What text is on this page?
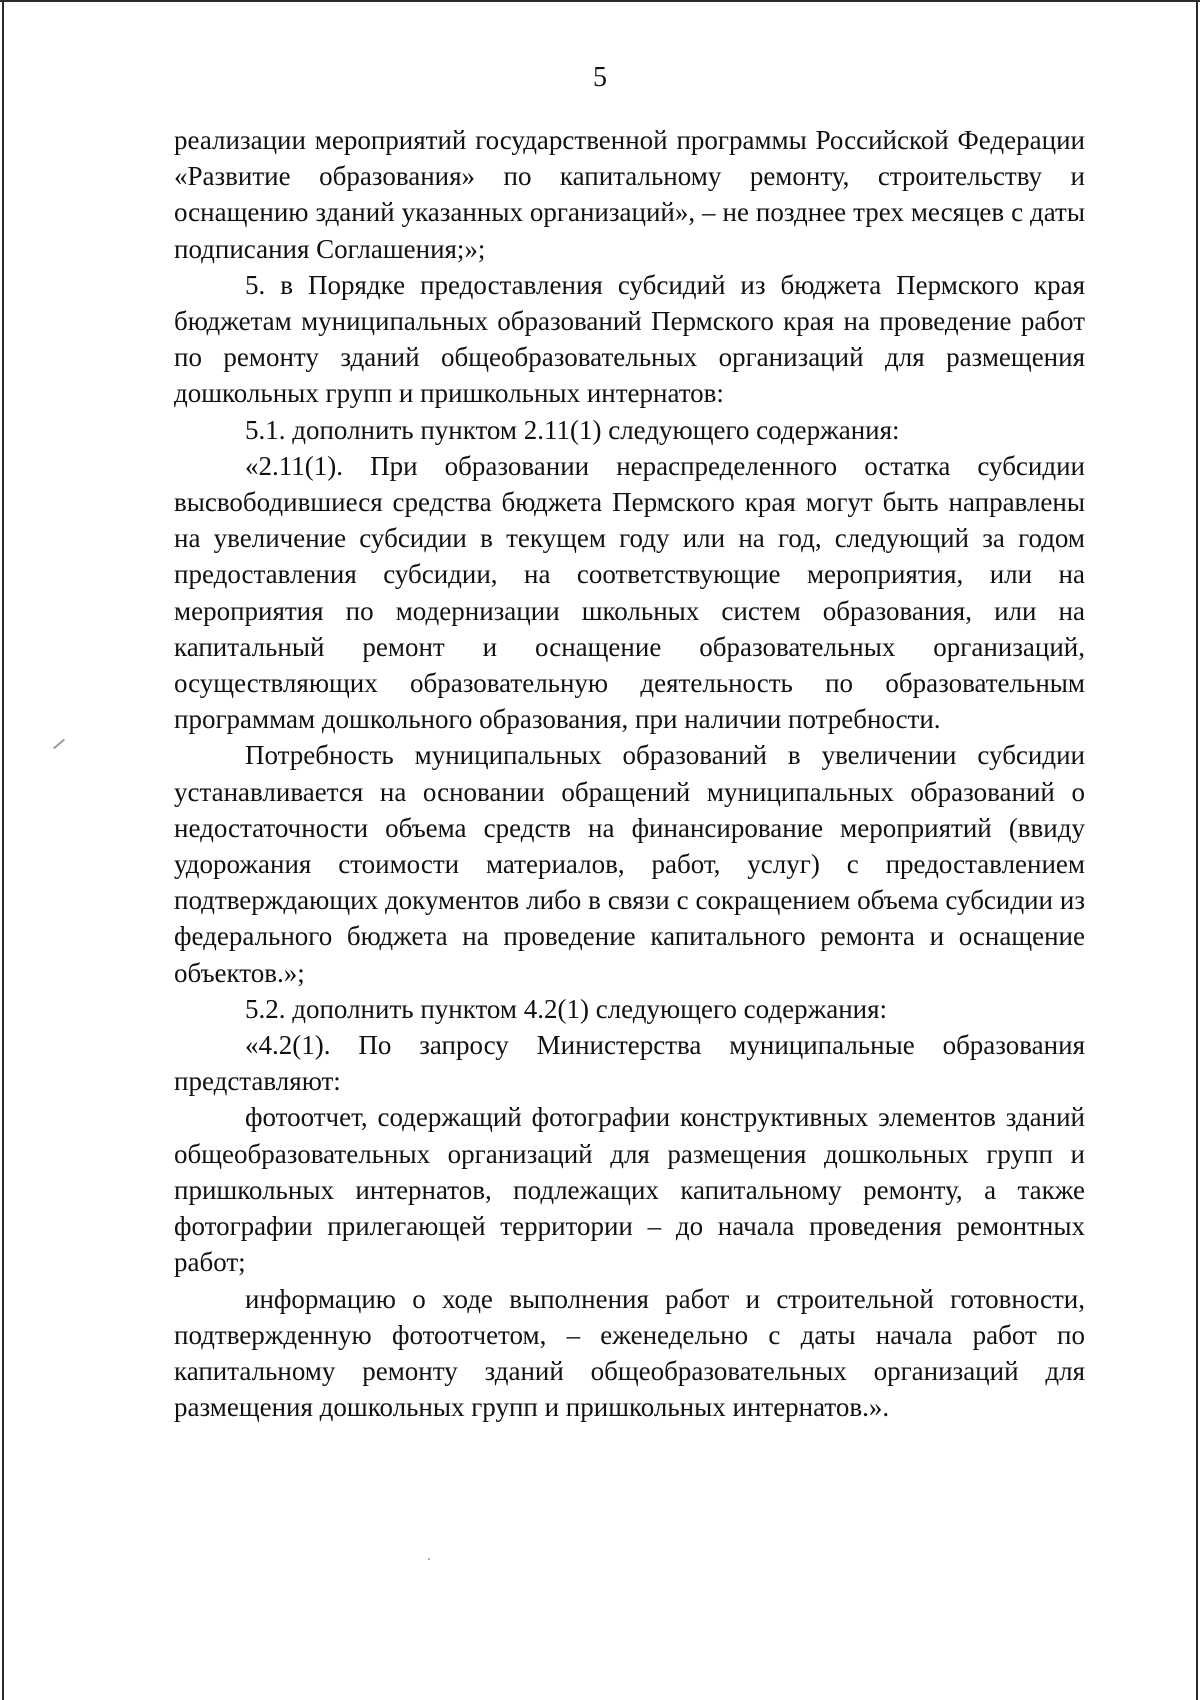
5

реализации мероприятий государственной программы Российской Федерации «Развитие образования» по капитальному ремонту, строительству и оснащению зданий указанных организаций», – не позднее трех месяцев с даты подписания Соглашения;»;

5. в Порядке предоставления субсидий из бюджета Пермского края бюджетам муниципальных образований Пермского края на проведение работ по ремонту зданий общеобразовательных организаций для размещения дошкольных групп и пришкольных интернатов:

5.1. дополнить пунктом 2.11(1) следующего содержания:

«2.11(1). При образовании нераспределенного остатка субсидии высвободившиеся средства бюджета Пермского края могут быть направлены на увеличение субсидии в текущем году или на год, следующий за годом предоставления субсидии, на соответствующие мероприятия, или на мероприятия по модернизации школьных систем образования, или на капитальный ремонт и оснащение образовательных организаций, осуществляющих образовательную деятельность по образовательным программам дошкольного образования, при наличии потребности.

Потребность муниципальных образований в увеличении субсидии устанавливается на основании обращений муниципальных образований о недостаточности объема средств на финансирование мероприятий (ввиду удорожания стоимости материалов, работ, услуг) с предоставлением подтверждающих документов либо в связи с сокращением объема субсидии из федерального бюджета на проведение капитального ремонта и оснащение объектов.»;

5.2. дополнить пунктом 4.2(1) следующего содержания:

«4.2(1). По запросу Министерства муниципальные образования представляют:

фотоотчет, содержащий фотографии конструктивных элементов зданий общеобразовательных организаций для размещения дошкольных групп и пришкольных интернатов, подлежащих капитальному ремонту, а также фотографии прилегающей территории – до начала проведения ремонтных работ;

информацию о ходе выполнения работ и строительной готовности, подтвержденную фотоотчетом, – еженедельно с даты начала работ по капитальному ремонту зданий общеобразовательных организаций для размещения дошкольных групп и пришкольных интернатов.».
